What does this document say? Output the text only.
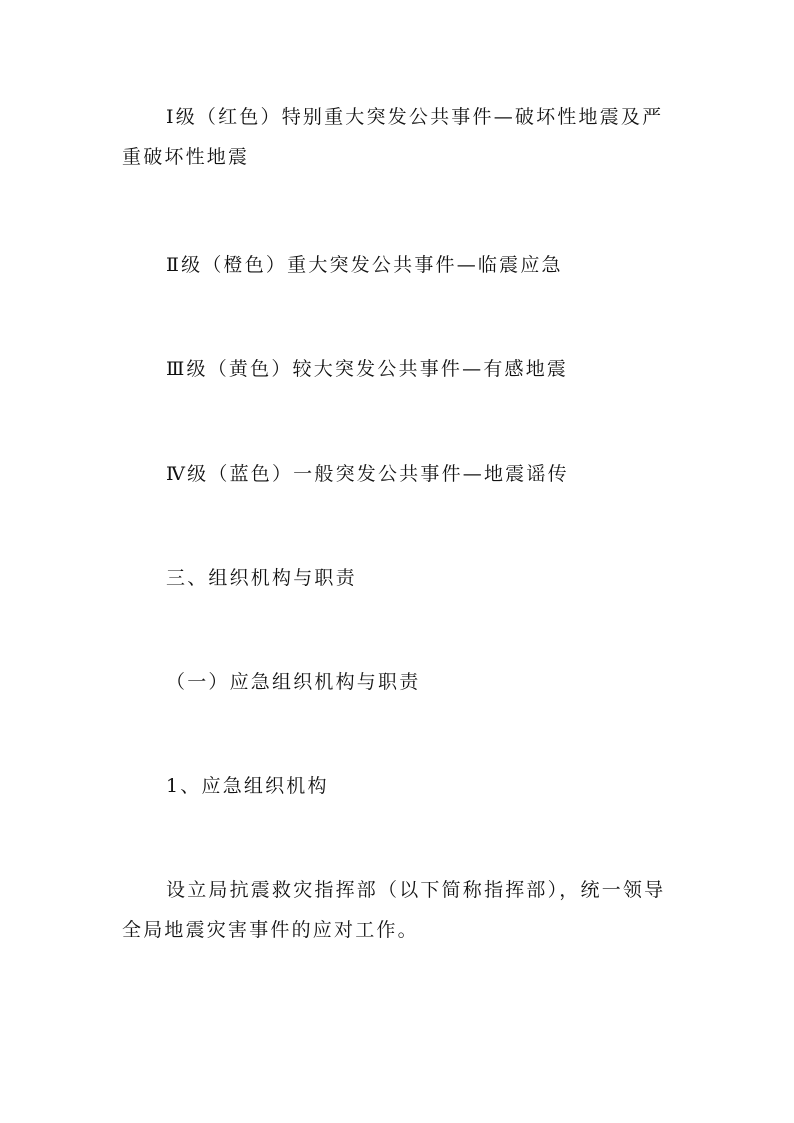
Ⅰ级（红色）特别重大突发公共事件—破坏性地震及严重破坏性地震

Ⅱ级（橙色）重大突发公共事件—临震应急

Ⅲ级（黄色）较大突发公共事件—有感地震

Ⅳ级（蓝色）一般突发公共事件—地震谣传

三、组织机构与职责

（一）应急组织机构与职责

1、应急组织机构

设立局抗震救灾指挥部（以下简称指挥部），统一领导全局地震灾害事件的应对工作。
